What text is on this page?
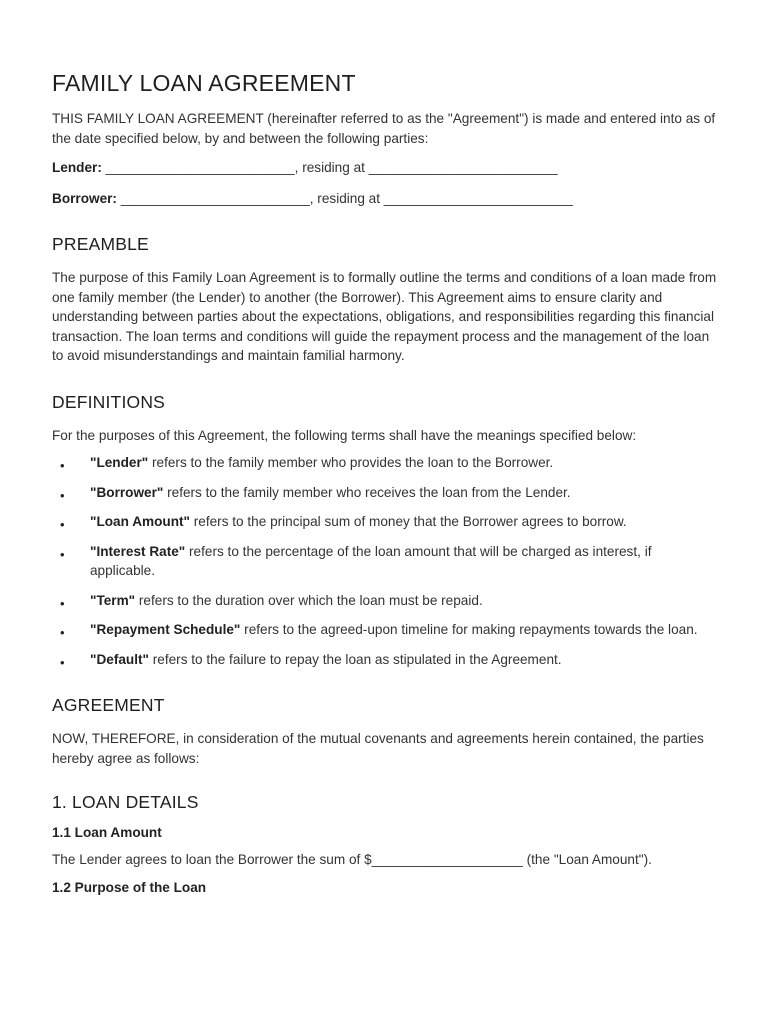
FAMILY LOAN AGREEMENT

THIS FAMILY LOAN AGREEMENT (hereinafter referred to as the "Agreement") is made and entered into as of the date specified below, by and between the following parties:

Lender: _________________________, residing at _________________________

Borrower: _________________________, residing at _________________________

PREAMBLE

The purpose of this Family Loan Agreement is to formally outline the terms and conditions of a loan made from one family member (the Lender) to another (the Borrower). This Agreement aims to ensure clarity and understanding between parties about the expectations, obligations, and responsibilities regarding this financial transaction. The loan terms and conditions will guide the repayment process and the management of the loan to avoid misunderstandings and maintain familial harmony.

DEFINITIONS

For the purposes of this Agreement, the following terms shall have the meanings specified below:

• "Lender" refers to the family member who provides the loan to the Borrower.
• "Borrower" refers to the family member who receives the loan from the Lender.
• "Loan Amount" refers to the principal sum of money that the Borrower agrees to borrow.
• "Interest Rate" refers to the percentage of the loan amount that will be charged as interest, if applicable.
• "Term" refers to the duration over which the loan must be repaid.
• "Repayment Schedule" refers to the agreed-upon timeline for making repayments towards the loan.
• "Default" refers to the failure to repay the loan as stipulated in the Agreement.
AGREEMENT

NOW, THEREFORE, in consideration of the mutual covenants and agreements herein contained, the parties hereby agree as follows:

1. LOAN DETAILS
1.1 Loan Amount

The Lender agrees to loan the Borrower the sum of $____________________ (the "Loan Amount").

1.2 Purpose of the Loan
